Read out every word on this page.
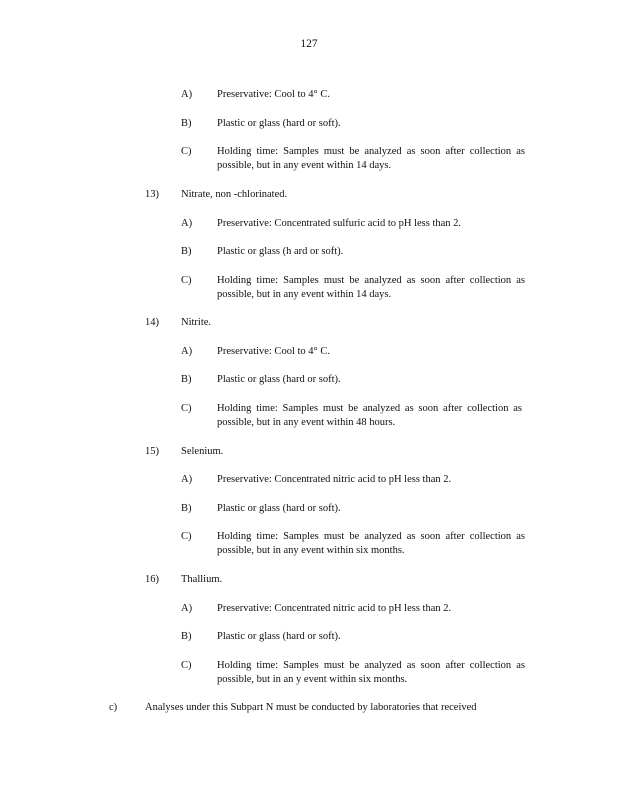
127
A) Preservative: Cool to 4° C.
B) Plastic or glass (hard or soft).
C) Holding time: Samples must be analyzed as soon after collection as possible, but in any event within 14 days.
13) Nitrate, non -chlorinated.
A) Preservative: Concentrated sulfuric acid to pH less than 2.
B) Plastic or glass (h ard or soft).
C) Holding time: Samples must be analyzed as soon after collection as possible, but in any event within 14 days.
14) Nitrite.
A) Preservative: Cool to 4° C.
B) Plastic or glass (hard or soft).
C) Holding time: Samples must be analyzed as soon after collection as possible, but in any event within 48 hours.
15) Selenium.
A) Preservative: Concentrated nitric acid to pH less than 2.
B) Plastic or glass (hard or soft).
C) Holding time: Samples must be analyzed as soon after collection as possible, but in any event within six months.
16) Thallium.
A) Preservative: Concentrated nitric acid to pH less than 2.
B) Plastic or glass (hard or soft).
C) Holding time: Samples must be analyzed as soon after collection as possible, but in an y event within six months.
c)	Analyses under this Subpart N must be conducted by laboratories that received
